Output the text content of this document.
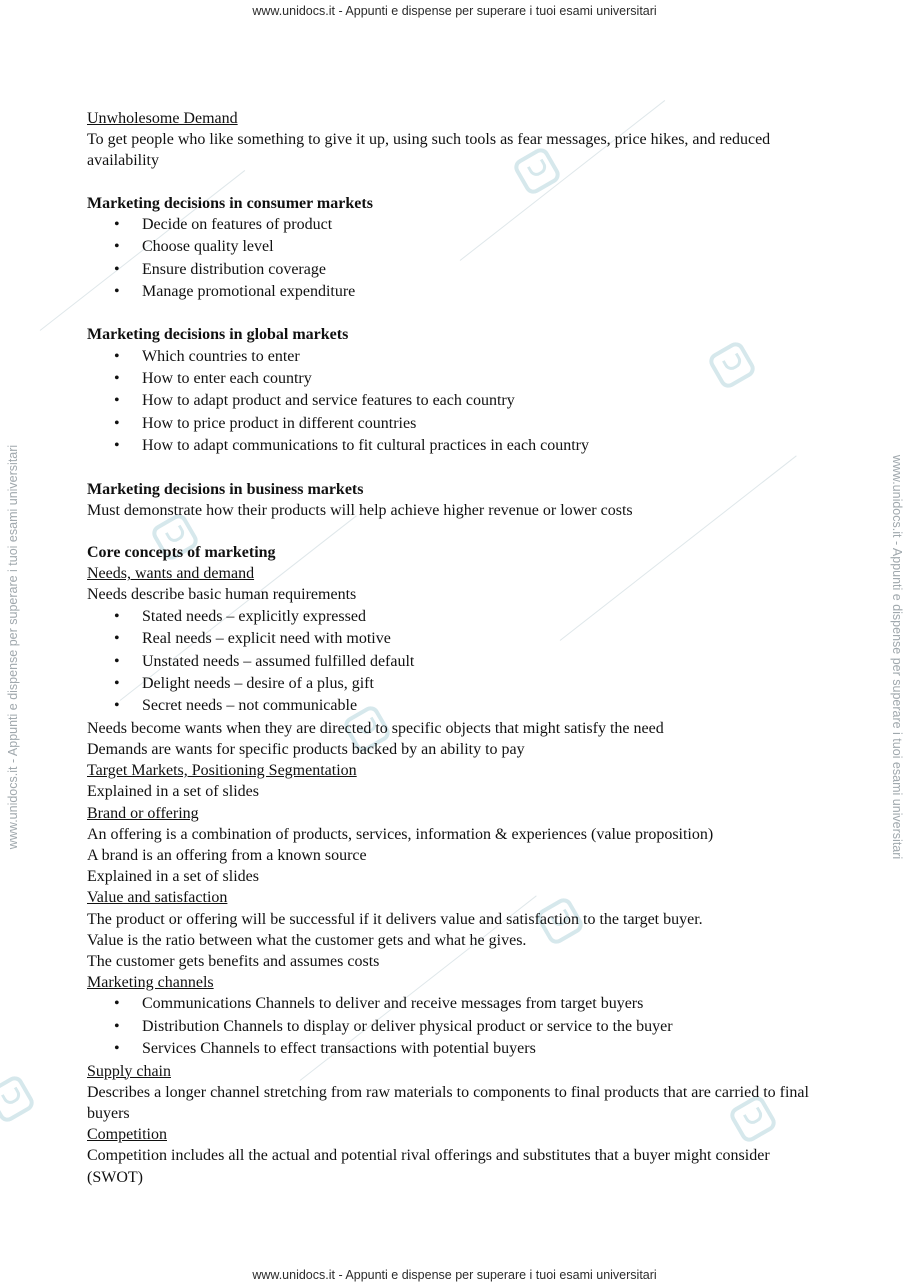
www.unidocs.it - Appunti e dispense per superare i tuoi esami universitari
www.unidocs.it - Appunti e dispense per superare i tuoi esami universitari
www.unidocs.it - Appunti e dispense per superare i tuoi esami universitari	www.unidocs.it - Appunti e dispense per superare i tuoi esami universitari

Unwholesome Demand

To get people who like something to give it up, using such tools as fear messages, price hikes, and reduced availability

Marketing decisions in consumer markets

• Decide on features of product
• Choose quality level
• Ensure distribution coverage
• Manage promotional expenditure

Marketing decisions in global markets

• Which countries to enter
• How to enter each country
• How to adapt product and service features to each country
• How to price product in different countries
• How to adapt communications to fit cultural practices in each country

Marketing decisions in business markets

Must demonstrate how their products will help achieve higher revenue or lower costs

Core concepts of marketing

Needs, wants and demand

Needs describe basic human requirements

• Stated needs – explicitly expressed
• Real needs – explicit need with motive
• Unstated needs – assumed fulfilled default
• Delight needs – desire of a plus, gift
• Secret needs – not communicable

Needs become wants when they are directed to specific objects that might satisfy the need

Demands are wants for specific products backed by an ability to pay

Target Markets, Positioning Segmentation

Explained in a set of slides

Brand or offering

An offering is a combination of products, services, information & experiences (value proposition)

A brand is an offering from a known source

Explained in a set of slides

Value and satisfaction

The product or offering will be successful if it delivers value and satisfaction to the target buyer.

Value is the ratio between what the customer gets and what he gives.

The customer gets benefits and assumes costs

Marketing channels

• Communications Channels to deliver and receive messages from target buyers
• Distribution Channels to display or deliver physical product or service to the buyer
• Services Channels to effect transactions with potential buyers

Supply chain

Describes a longer channel stretching from raw materials to components to final products that are carried to final buyers

Competition

Competition includes all the actual and potential rival offerings and substitutes that a buyer might consider (SWOT)
